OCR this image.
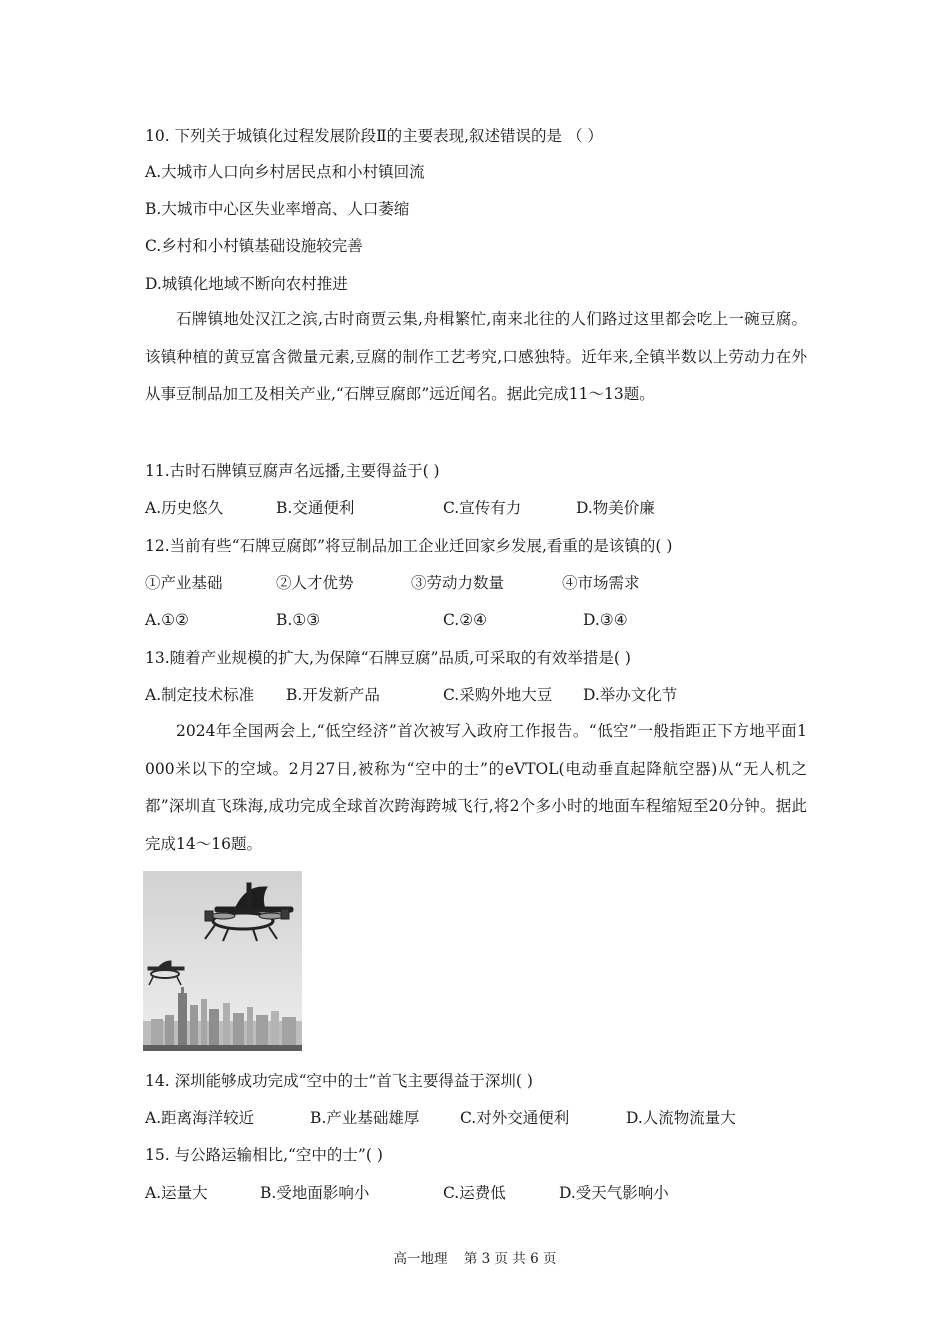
10. 下列关于城镇化过程发展阶段Ⅱ的主要表现,叙述错误的是 （ ）
A.大城市人口向乡村居民点和小村镇回流
B.大城市中心区失业率增高、人口萎缩
C.乡村和小村镇基础设施较完善
D.城镇化地域不断向农村推进
石牌镇地处汉江之滨,古时商贾云集,舟楫繁忙,南来北往的人们路过这里都会吃上一碗豆腐。该镇种植的黄豆富含微量元素,豆腐的制作工艺考究,口感独特。近年来,全镇半数以上劳动力在外从事豆制品加工及相关产业,“石牌豆腐郎”远近闻名。据此完成11～13题。
11.古时石牌镇豆腐声名远播,主要得益于( )
A.历史悠久	B.交通便利	C.宣传有力	D.物美价廉
12.当前有些“石牌豆腐郎”将豆制品加工企业迁回家乡发展,看重的是该镇的( )
①产业基础	②人才优势	③劳动力数量	④市场需求
A.①②	B.①③	C.②④	D.③④
13.随着产业规模的扩大,为保障“石牌豆腐”品质,可采取的有效举措是( )
A.制定技术标准 B.开发新产品	C.采购外地大豆 D.举办文化节
2024年全国两会上,“低空经济”首次被写入政府工作报告。“低空”一般指距正下方地平面1 000米以下的空域。2月27日,被称为“空中的士”的eVTOL(电动垂直起降航空器)从“无人机之都”深圳直飞珠海,成功完成全球首次跨海跨城飞行,将2个多小时的地面车程缩短至20分钟。据此完成14～16题。
14. 深圳能够成功完成“空中的士”首飞主要得益于深圳( )
A.距离海洋较近	B.产业基础雄厚	C.对外交通便利	D.人流物流量大
15. 与公路运输相比,“空中的士”( )
A.运量大	B.受地面影响小	C.运费低	D.受天气影响小
高一地理 第 3 页 共 6 页
